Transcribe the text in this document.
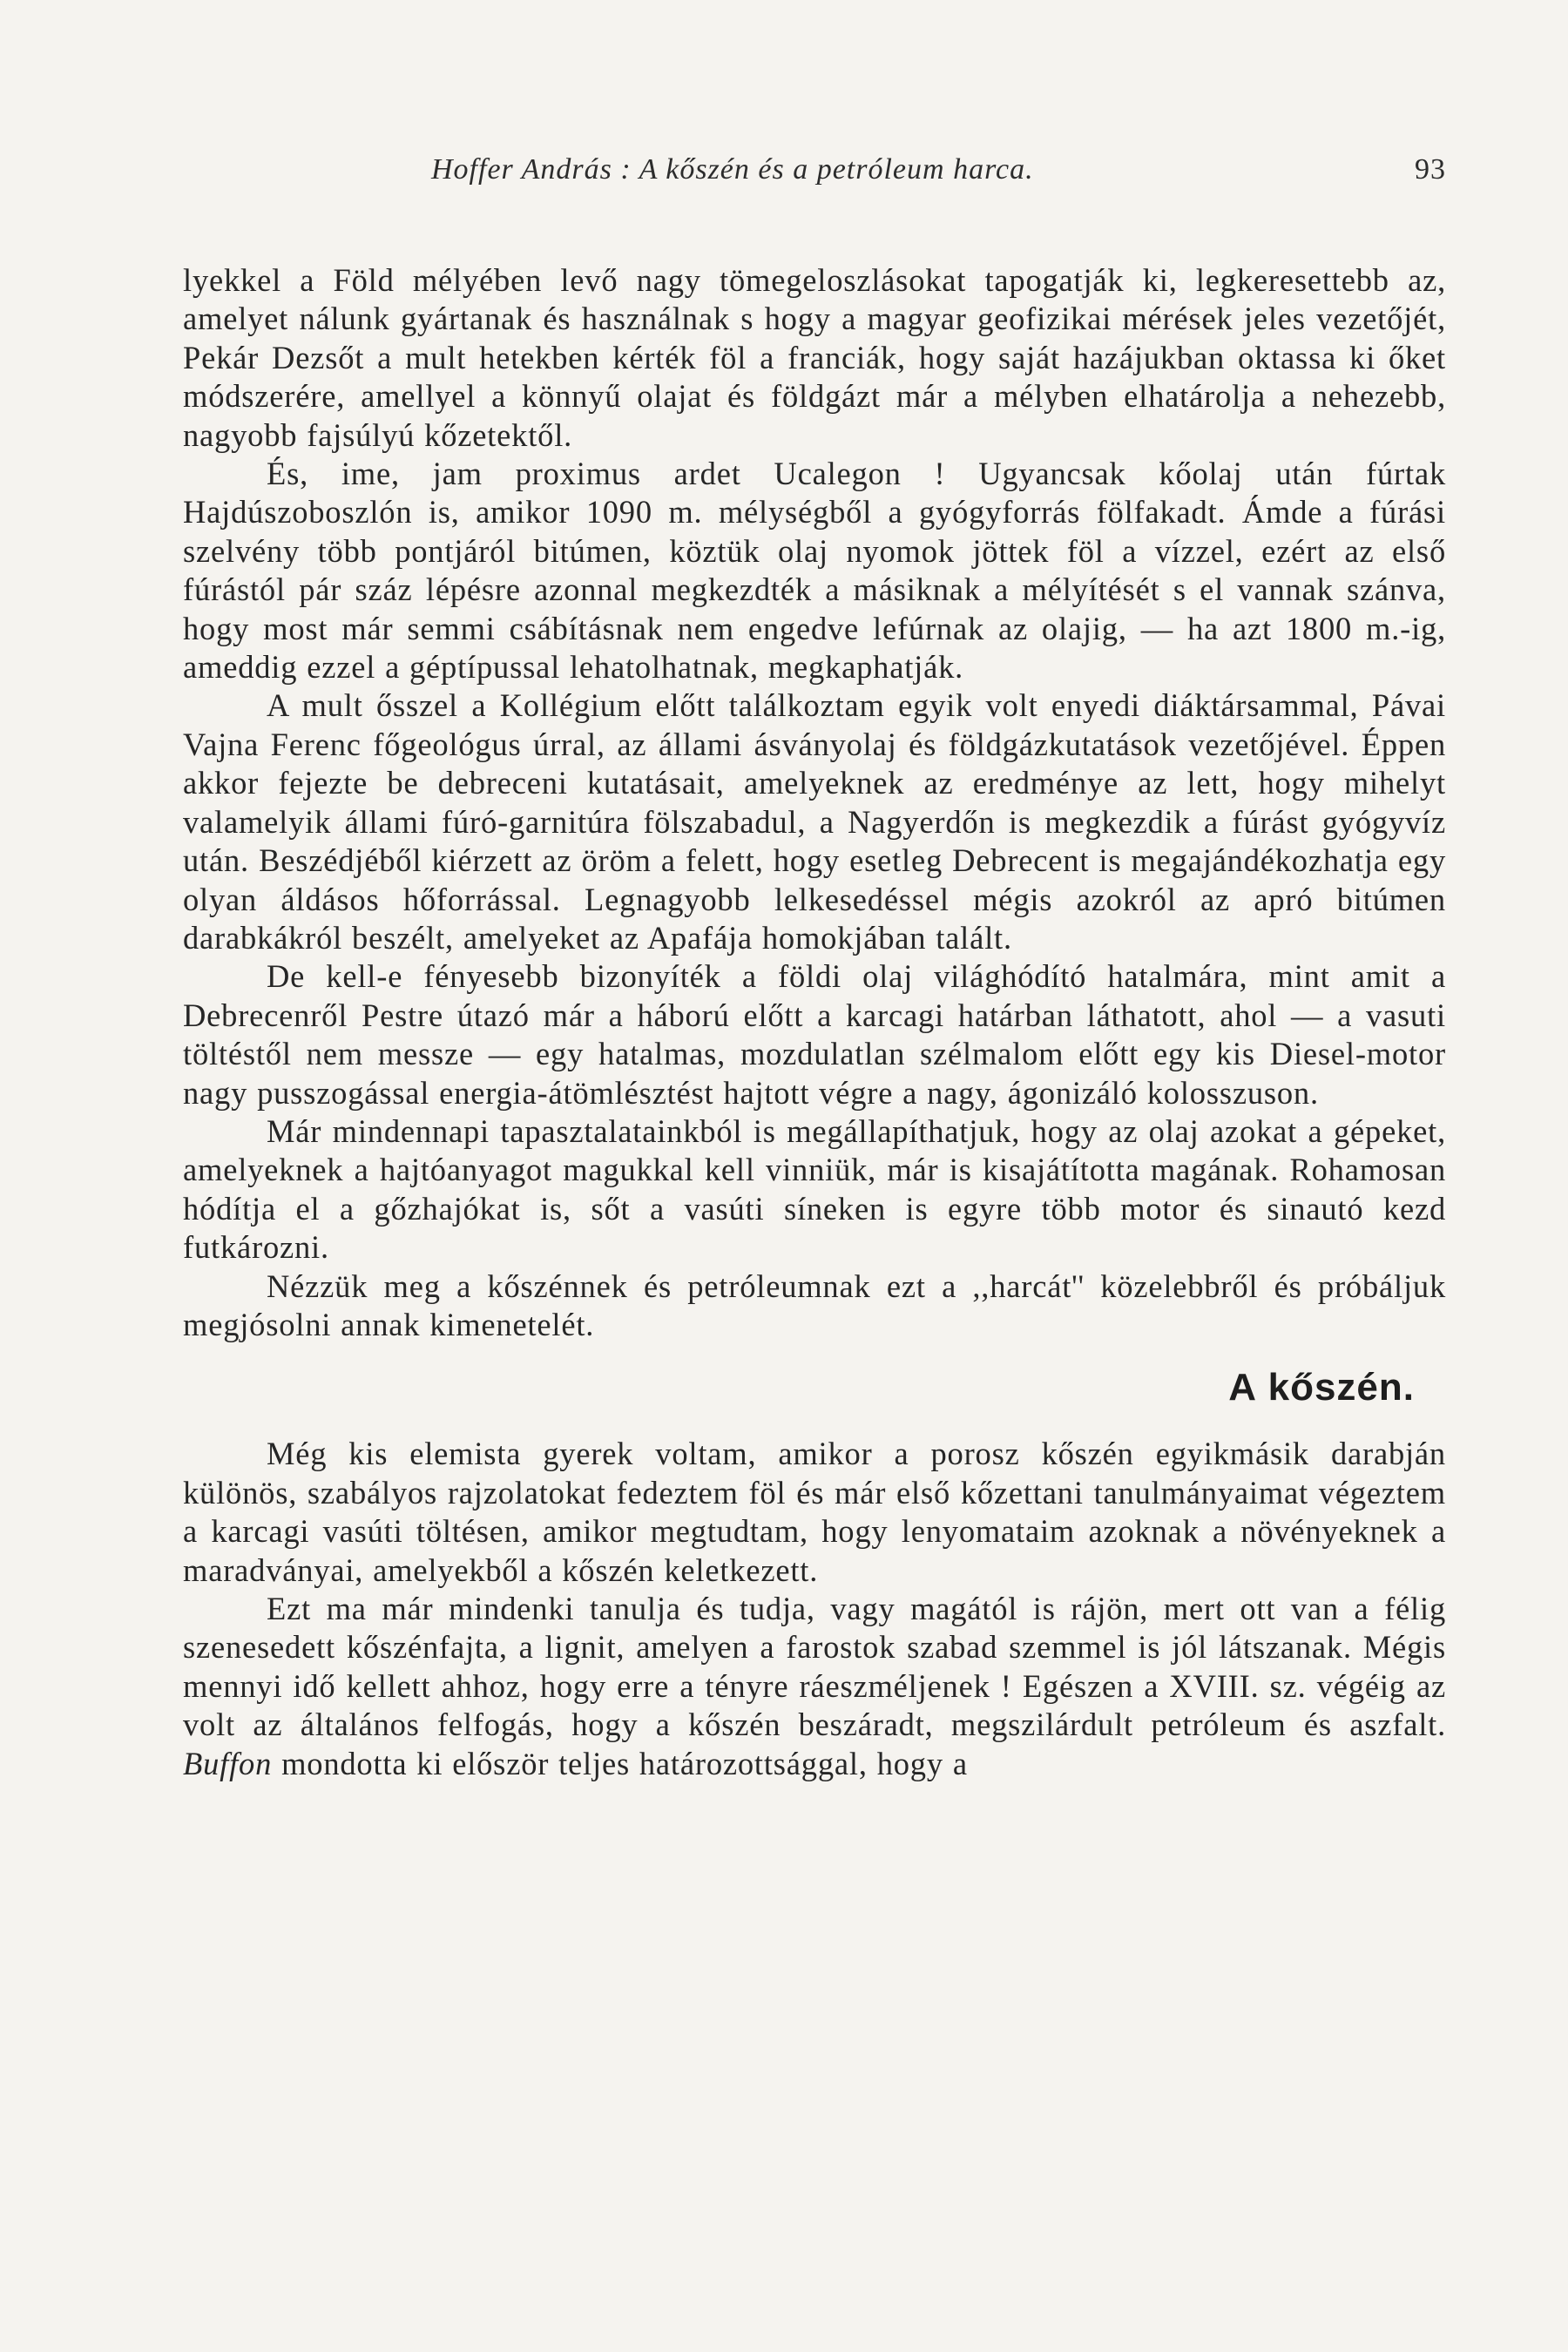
Hoffer András : A kőszén és a petróleum harca.	93

lyekkel a Föld mélyében levő nagy tömegeloszlásokat tapogatják ki, legkeresettebb az, amelyet nálunk gyártanak és használnak s hogy a magyar geofizikai mérések jeles vezetőjét, Pekár Dezsőt a mult hetekben kérték föl a franciák, hogy saját hazájukban oktassa ki őket módszerére, amellyel a könnyű olajat és földgázt már a mélyben elhatárolja a nehezebb, nagyobb fajsúlyú kőzetektől.

És, ime, jam proximus ardet Ucalegon ! Ugyancsak kőolaj után fúrtak Hajdúszoboszlón is, amikor 1090 m. mélységből a gyógyforrás fölfakadt. Ámde a fúrási szelvény több pontjáról bitúmen, köztük olaj nyomok jöttek föl a vízzel, ezért az első fúrástól pár száz lépésre azonnal megkezdték a másiknak a mélyítését s el vannak szánva, hogy most már semmi csábításnak nem engedve lefúrnak az olajig, — ha azt 1800 m.-ig, ameddig ezzel a géptípussal lehatolhatnak, megkaphatják.

A mult ősszel a Kollégium előtt találkoztam egyik volt enyedi diáktársammal, Pávai Vajna Ferenc főgeológus úrral, az állami ásványolaj és földgázkutatások vezetőjével. Éppen akkor fejezte be debreceni kutatásait, amelyeknek az eredménye az lett, hogy mihelyt valamelyik állami fúró-garnitúra fölszabadul, a Nagyerdőn is megkezdik a fúrást gyógyvíz után. Beszédjéből kiérzett az öröm a felett, hogy esetleg Debrecent is megajándékozhatja egy olyan áldásos hőforrással. Legnagyobb lelkesedéssel mégis azokról az apró bitúmen darabkákról beszélt, amelyeket az Apafája homokjában talált.

De kell-e fényesebb bizonyíték a földi olaj világhódító hatalmára, mint amit a Debrecenről Pestre útazó már a háború előtt a karcagi határban láthatott, ahol — a vasuti töltéstől nem messze — egy hatalmas, mozdulatlan szélmalom előtt egy kis Diesel-motor nagy pusszogással energia-átömlésztést hajtott végre a nagy, ágonizáló kolosszuson.

Már mindennapi tapasztalatainkból is megállapíthatjuk, hogy az olaj azokat a gépeket, amelyeknek a hajtóanyagot magukkal kell vinniük, már is kisajátította magának. Rohamosan hódítja el a gőzhajókat is, sőt a vasúti síneken is egyre több motor és sinautó kezd futkározni.

Nézzük meg a kőszénnek és petróleumnak ezt a ,,harcát'' közelebbről és próbáljuk megjósolni annak kimenetelét.

A kőszén.

Még kis elemista gyerek voltam, amikor a porosz kőszén egyikmásik darabján különös, szabályos rajzolatokat fedeztem föl és már első kőzettani tanulmányaimat végeztem a karcagi vasúti töltésen, amikor megtudtam, hogy lenyomataim azoknak a növényeknek a maradványai, amelyekből a kőszén keletkezett.

Ezt ma már mindenki tanulja és tudja, vagy magától is rájön, mert ott van a félig szenesedett kőszénfajta, a lignit, amelyen a farostok szabad szemmel is jól látszanak. Mégis mennyi idő kellett ahhoz, hogy erre a tényre ráeszméljenek ! Egészen a XVIII. sz. végéig az volt az általános felfogás, hogy a kőszén beszáradt, megszilárdult petróleum és aszfalt. Buffon mondotta ki először teljes határozottsággal, hogy a
